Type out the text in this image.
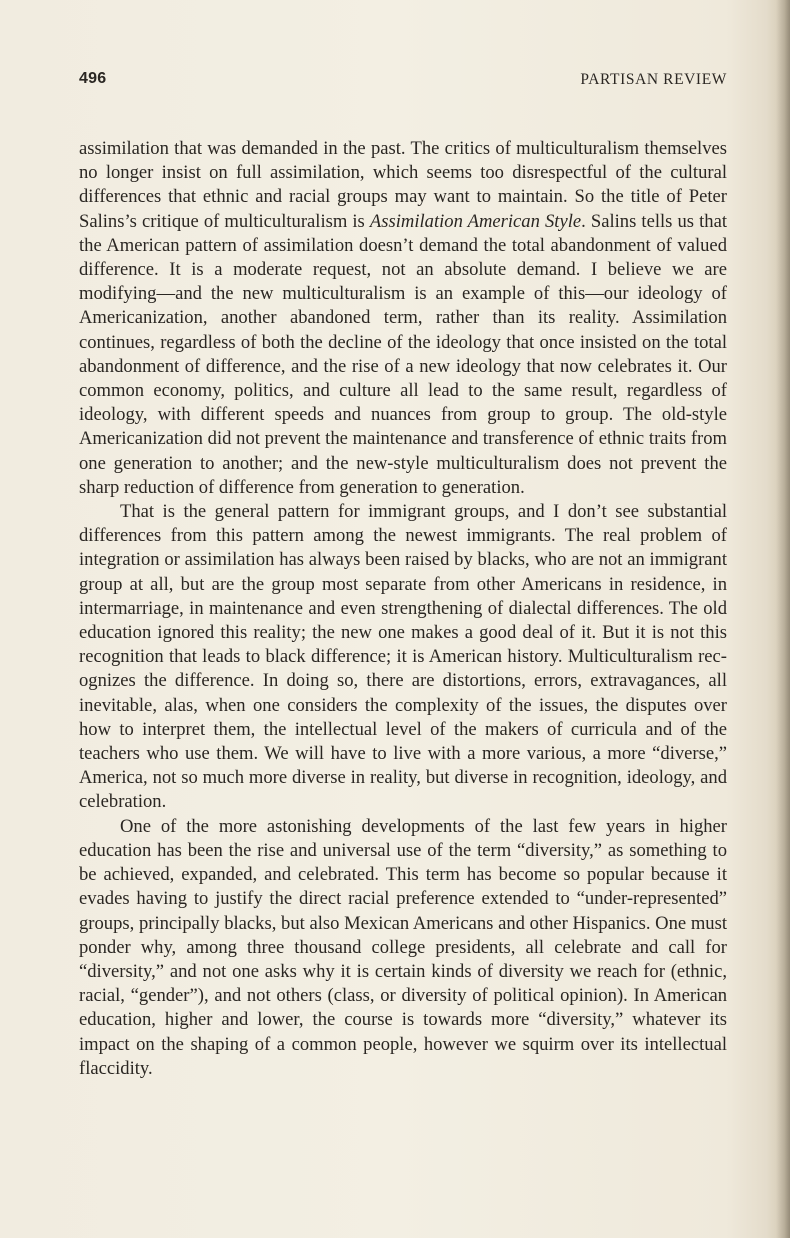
496	PARTISAN REVIEW

assimilation that was demanded in the past. The critics of multiculturalism themselves no longer insist on full assimilation, which seems too disrespectful of the cultural differences that ethnic and racial groups may want to maintain. So the title of Peter Salins’s critique of multiculturalism is Assimilation American Style. Salins tells us that the American pattern of assimilation doesn’t demand the total abandonment of valued difference. It is a moderate request, not an absolute demand. I believe we are modifying—and the new multiculturalism is an example of this—our ideology of Americanization, another abandoned term, rather than its reality. Assimilation continues, regardless of both the decline of the ideology that once insisted on the total abandonment of difference, and the rise of a new ideology that now celebrates it. Our common economy, politics, and culture all lead to the same result, regardless of ideology, with different speeds and nuances from group to group. The old-style Americanization did not prevent the maintenance and transference of ethnic traits from one generation to another; and the new-style multiculturalism does not prevent the sharp reduction of difference from generation to generation.

That is the general pattern for immigrant groups, and I don’t see substantial differences from this pattern among the newest immigrants. The real problem of integration or assimilation has always been raised by blacks, who are not an immigrant group at all, but are the group most separate from other Americans in residence, in intermarriage, in maintenance and even strengthening of dialectal differences. The old education ignored this reality; the new one makes a good deal of it. But it is not this recognition that leads to black difference; it is American history. Multiculturalism recognizes the difference. In doing so, there are distortions, errors, extravagances, all inevitable, alas, when one considers the complexity of the issues, the disputes over how to interpret them, the intellectual level of the makers of curricula and of the teachers who use them. We will have to live with a more various, a more “diverse,” America, not so much more diverse in reality, but diverse in recognition, ideology, and celebration.

One of the more astonishing developments of the last few years in higher education has been the rise and universal use of the term “diversity,” as something to be achieved, expanded, and celebrated. This term has become so popular because it evades having to justify the direct racial preference extended to “under-represented” groups, principally blacks, but also Mexican Americans and other Hispanics. One must ponder why, among three thousand college presidents, all celebrate and call for “diversity,” and not one asks why it is certain kinds of diversity we reach for (ethnic, racial, “gender”), and not others (class, or diversity of political opinion). In American education, higher and lower, the course is towards more “diversity,” whatever its impact on the shaping of a common people, however we squirm over its intellectual flaccidity.
